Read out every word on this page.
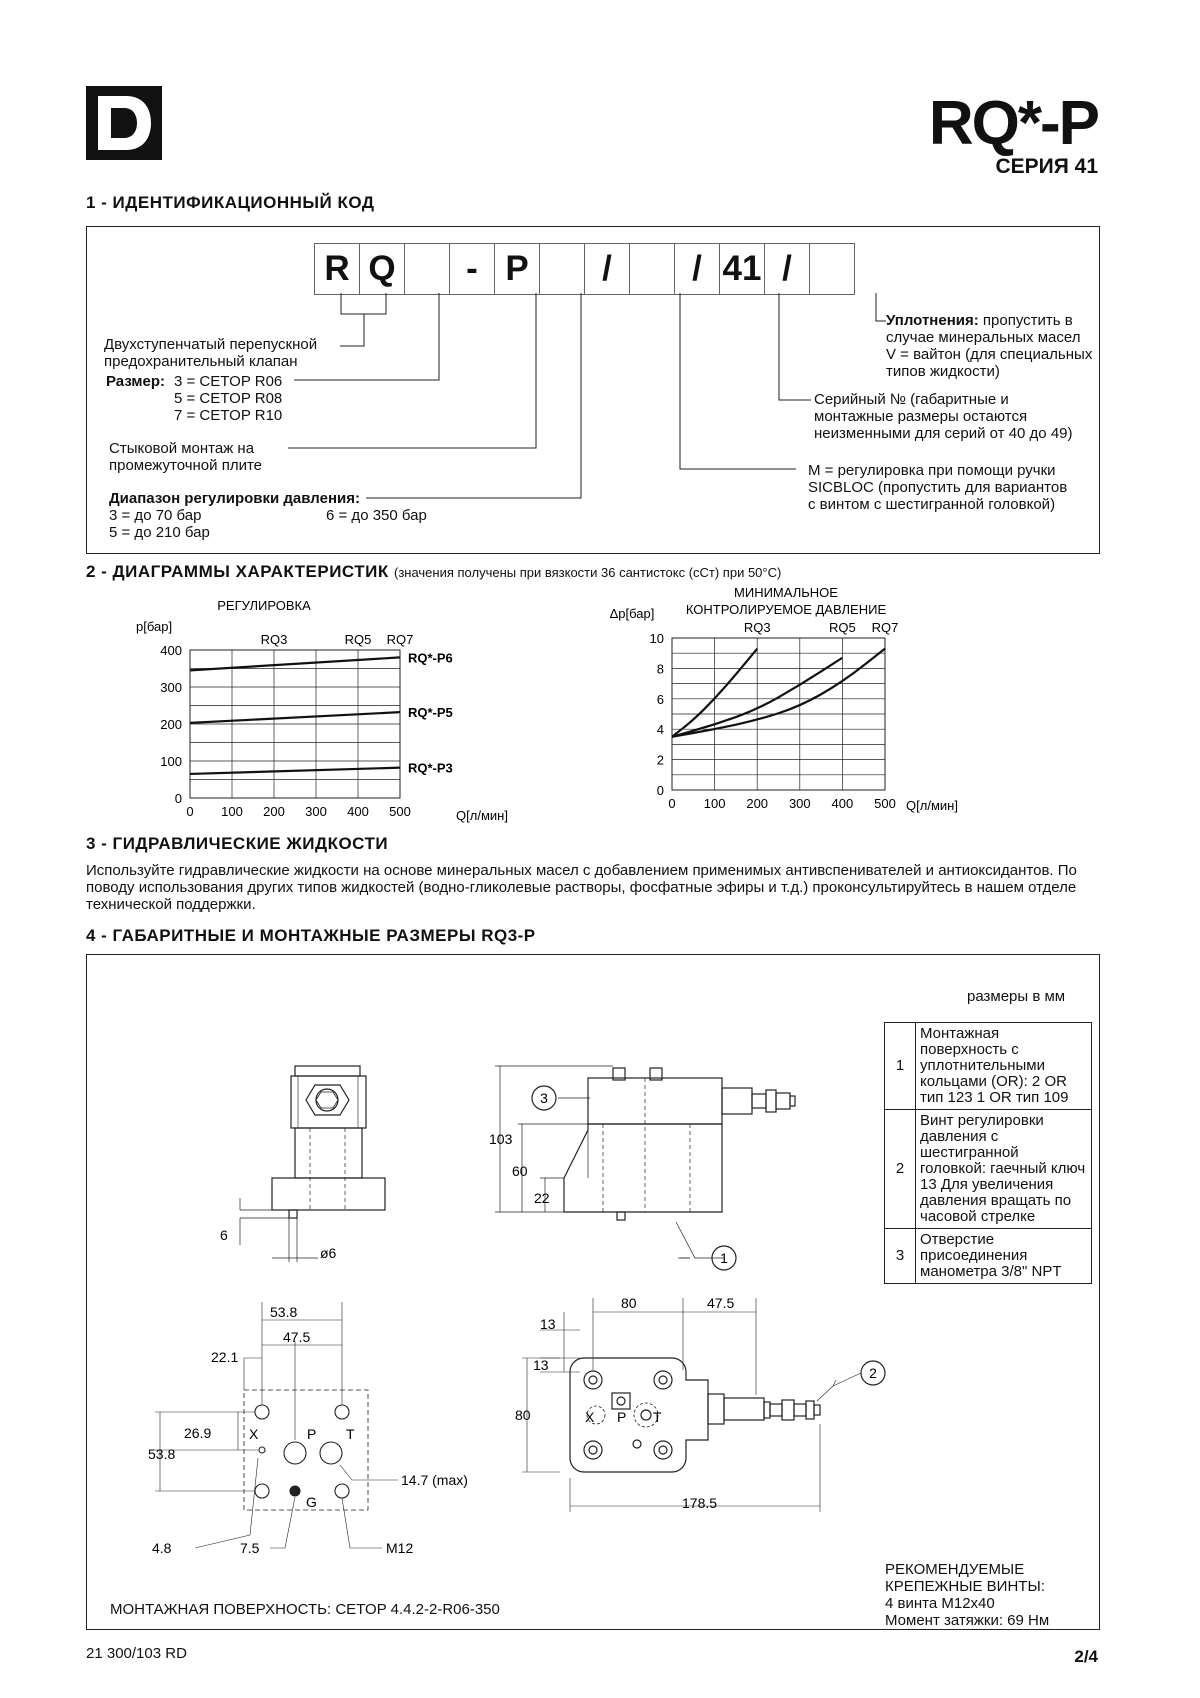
RQ*-P
СЕРИЯ 41
1 - ИДЕНТИФИКАЦИОННЫЙ КОД
R Q	- P	/	/ 41 /
Двухступенчатый перепускной
предохранительный клапан
Размер: 3 = CETOP R06
5 = CETOP R08
7 = CETOP R10
Стыковой монтаж на
промежуточной плите
Диапазон регулировки давления:
3 = до 70 бар
5 = до 210 бар
6 = до 350 бар
Уплотнения: пропустить в
случае минеральных масел
V = вайтон (для специальных
типов жидкости)
Серийный № (габаритные и
монтажные размеры остаются
неизменными для серий от 40 до 49)
M = регулировка при помощи ручки
SICBLOC (пропустить для вариантов
с винтом с шестигранной головкой)
2 - ДИАГРАММЫ ХАРАКТЕРИСТИК (значения получены при вязкости 36 сантистокс (сСт) при 50°С)
РЕГУЛИРОВКА
p[бар]
Q[л/мин]
0 100 200 300 400 500
0
100
200
300
400
RQ3	RQ5 RQ7
RQ*-P6
RQ*-P5
RQ*-P3
МИНИМАЛЬНОЕ
КОНТРОЛИРУЕМОЕ ДАВЛЕНИЕ
Δp[бар]
Q[л/мин]
0 100 200 300 400 500
0
2
4
6
8
10
RQ3	RQ5 RQ7
3 - ГИДРАВЛИЧЕСКИЕ ЖИДКОСТИ
Используйте гидравлические жидкости на основе минеральных масел с добавлением применимых антивспенивателей и антиоксидантов. По поводу использования других типов жидкостей (водно-гликолевые растворы, фосфатные эфиры и т.д.) проконсультируйтесь в нашем отделе технической поддержки.
4 - ГАБАРИТНЫЕ И МОНТАЖНЫЕ РАЗМЕРЫ RQ3-P
размеры в мм
1	Монтажная поверхность с уплотнительными кольцами (OR): 2 OR тип 123 1 OR тип 109
2	Винт регулировки давления с шестигранной головкой: гаечный ключ 13 Для увеличения давления вращать по часовой стрелке
3	Отверстие присоединения манометра 3/8" NPT
6
ø6
3
1
103
60
22
53.8
47.5
22.1
26.9
53.8
14.7 (max)
4.8	7.5	M12
X	P T
G
80	47.5
13
13
80
178.5
X P T
2
МОНТАЖНАЯ ПОВЕРХНОСТЬ: CETOP 4.4.2-2-R06-350
РЕКОМЕНДУЕМЫЕ
КРЕПЕЖНЫЕ ВИНТЫ:
4 винта M12x40
Момент затяжки: 69 Нм
21 300/103 RD	2/4
